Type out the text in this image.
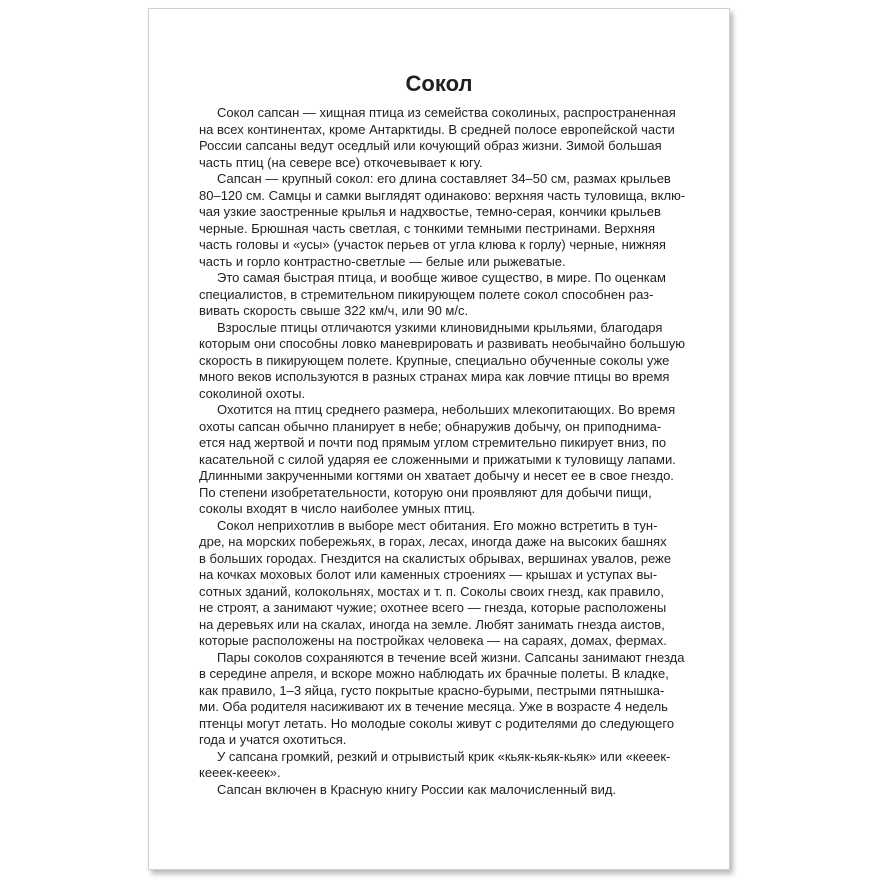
Сокол
Сокол сапсан — хищная птица из семейства соколиных, распространенная
на всех континентах, кроме Антарктиды. В средней полосе европейской части
России сапсаны ведут оседлый или кочующий образ жизни. Зимой большая
часть птиц (на севере все) откочевывает к югу.
Сапсан — крупный сокол: его длина составляет 34–50 см, размах крыльев
80–120 см. Самцы и самки выглядят одинаково: верхняя часть туловища, вклю-
чая узкие заостренные крылья и надхвостье, темно-серая, кончики крыльев
черные. Брюшная часть светлая, с тонкими темными пестринами. Верхняя
часть головы и «усы» (участок перьев от угла клюва к горлу) черные, нижняя
часть и горло контрастно-светлые — белые или рыжеватые.
Это самая быстрая птица, и вообще живое существо, в мире. По оценкам
специалистов, в стремительном пикирующем полете сокол способнен раз-
вивать скорость свыше 322 км/ч, или 90 м/с.
Взрослые птицы отличаются узкими клиновидными крыльями, благодаря
которым они способны ловко маневрировать и развивать необычайно большую
скорость в пикирующем полете. Крупные, специально обученные соколы уже
много веков используются в разных странах мира как ловчие птицы во время
соколиной охоты.
Охотится на птиц среднего размера, небольших млекопитающих. Во время
охоты сапсан обычно планирует в небе; обнаружив добычу, он приподнима-
ется над жертвой и почти под прямым углом стремительно пикирует вниз, по
касательной с силой ударяя ее сложенными и прижатыми к туловищу лапами.
Длинными закрученными когтями он хватает добычу и несет ее в свое гнездо.
По степени изобретательности, которую они проявляют для добычи пищи,
соколы входят в число наиболее умных птиц.
Сокол неприхотлив в выборе мест обитания. Его можно встретить в тун-
дре, на морских побережьях, в горах, лесах, иногда даже на высоких башнях
в больших городах. Гнездится на скалистых обрывах, вершинах увалов, реже
на кочках моховых болот или каменных строениях — крышах и уступах вы-
сотных зданий, колокольнях, мостах и т. п. Соколы своих гнезд, как правило,
не строят, а занимают чужие; охотнее всего — гнезда, которые расположены
на деревьях или на скалах, иногда на земле. Любят занимать гнезда аистов,
которые расположены на постройках человека — на сараях, домах, фермах.
Пары соколов сохраняются в течение всей жизни. Сапсаны занимают гнезда
в середине апреля, и вскоре можно наблюдать их брачные полеты. В кладке,
как правило, 1–3 яйца, густо покрытые красно-бурыми, пестрыми пятнышка-
ми. Оба родителя насиживают их в течение месяца. Уже в возрасте 4 недель
птенцы могут летать. Но молодые соколы живут с родителями до следующего
года и учатся охотиться.
У сапсана громкий, резкий и отрывистый крик «кьяк-кьяк-кьяк» или «кееек-
кееек-кееек».
Сапсан включен в Красную книгу России как малочисленный вид.
